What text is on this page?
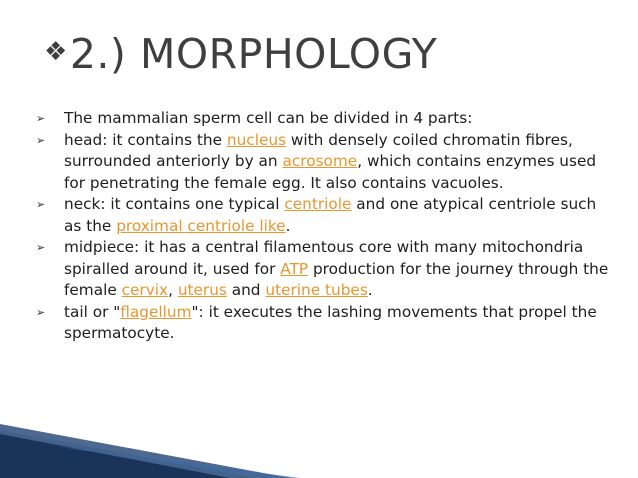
❖2.) MORPHOLOGY
➢ The mammalian sperm cell can be divided in 4 parts:
➢ head: it contains the nucleus with densely coiled chromatin fibres, surrounded anteriorly by an acrosome, which contains enzymes used for penetrating the female egg. It also contains vacuoles.
➢ neck: it contains one typical centriole and one atypical centriole such as the proximal centriole like.
➢ midpiece: it has a central filamentous core with many mitochondria spiralled around it, used for ATP production for the journey through the female cervix, uterus and uterine tubes.
➢ tail or "flagellum": it executes the lashing movements that propel the spermatocyte.
